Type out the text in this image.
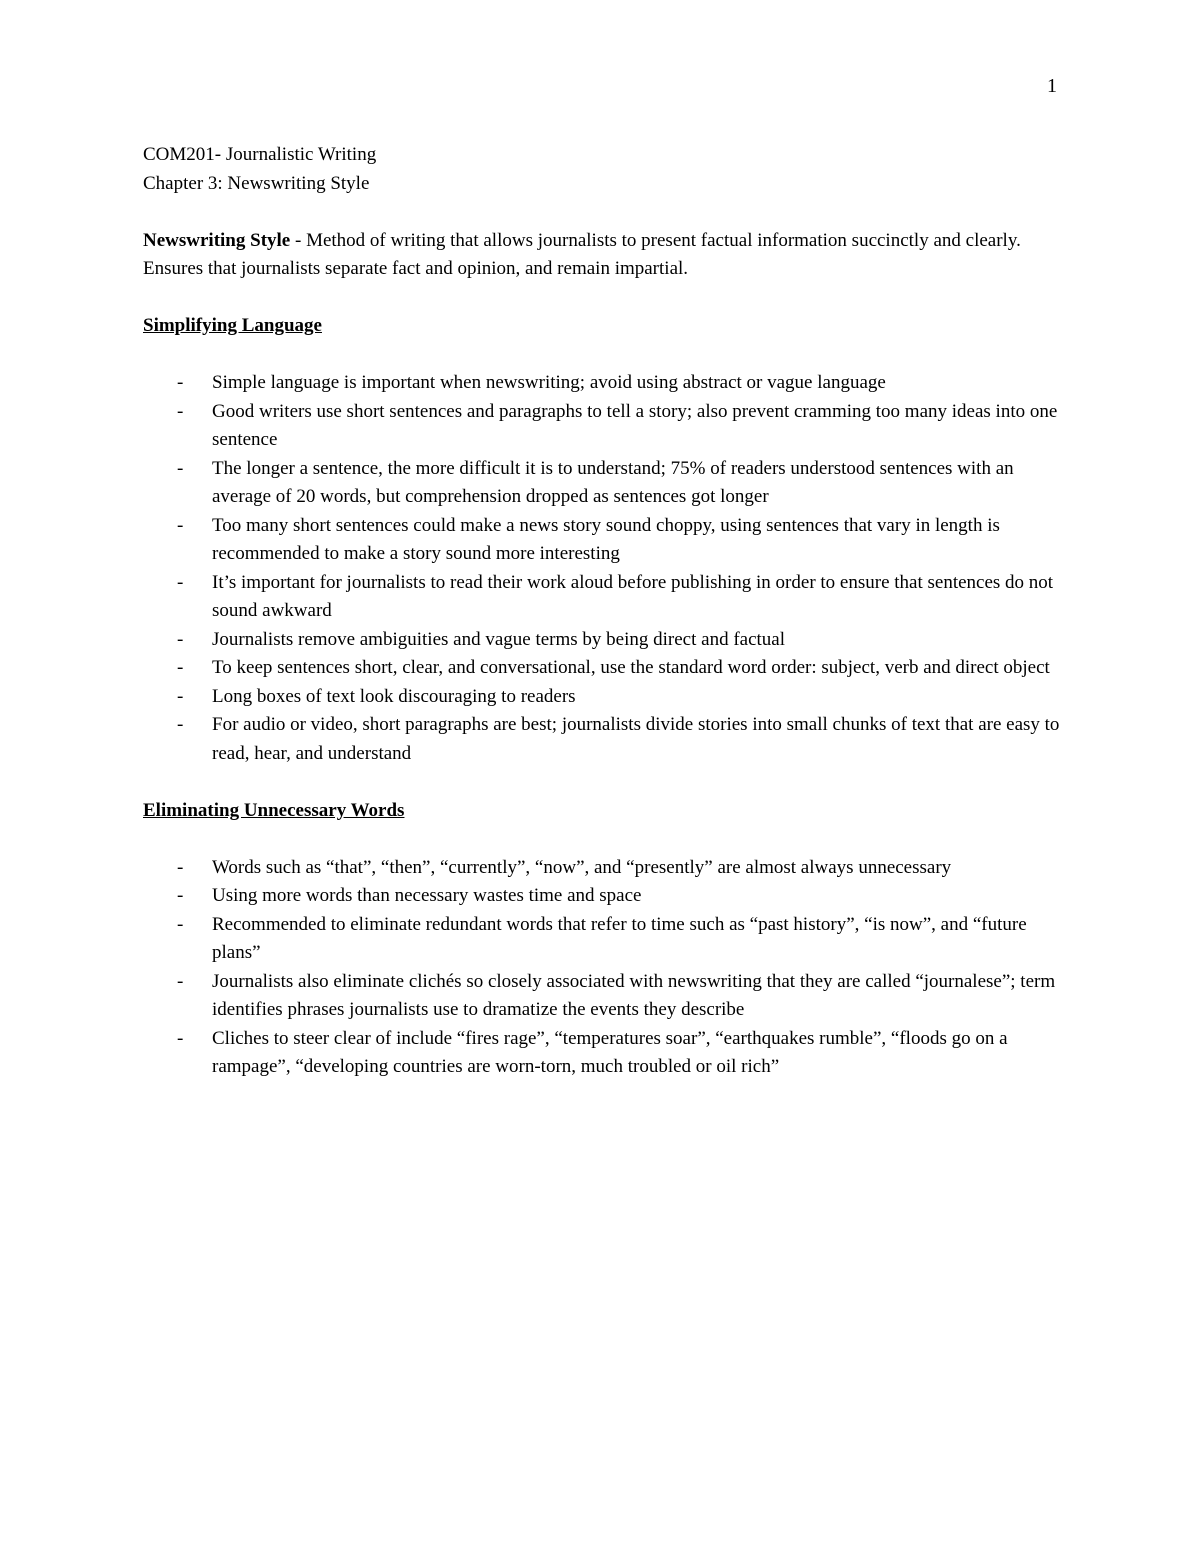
1

COM201- Journalistic Writing

Chapter 3: Newswriting Style

Newswriting Style - Method of writing that allows journalists to present factual information succinctly and clearly. Ensures that journalists separate fact and opinion, and remain impartial.

Simplifying Language

- Simple language is important when newswriting; avoid using abstract or vague language
- Good writers use short sentences and paragraphs to tell a story; also prevent cramming too many ideas into one sentence
- The longer a sentence, the more difficult it is to understand; 75% of readers understood sentences with an average of 20 words, but comprehension dropped as sentences got longer
- Too many short sentences could make a news story sound choppy, using sentences that vary in length is recommended to make a story sound more interesting
- It’s important for journalists to read their work aloud before publishing in order to ensure that sentences do not sound awkward
- Journalists remove ambiguities and vague terms by being direct and factual
- To keep sentences short, clear, and conversational, use the standard word order: subject, verb and direct object
- Long boxes of text look discouraging to readers
- For audio or video, short paragraphs are best; journalists divide stories into small chunks of text that are easy to read, hear, and understand

Eliminating Unnecessary Words

- Words such as “that”, “then”, “currently”, “now”, and “presently” are almost always unnecessary
- Using more words than necessary wastes time and space
- Recommended to eliminate redundant words that refer to time such as “past history”, “is now”, and “future plans”
- Journalists also eliminate clichés so closely associated with newswriting that they are called “journalese”; term identifies phrases journalists use to dramatize the events they describe
- Cliches to steer clear of include “fires rage”, “temperatures soar”, “earthquakes rumble”, “floods go on a rampage”, “developing countries are worn-torn, much troubled or oil rich”
